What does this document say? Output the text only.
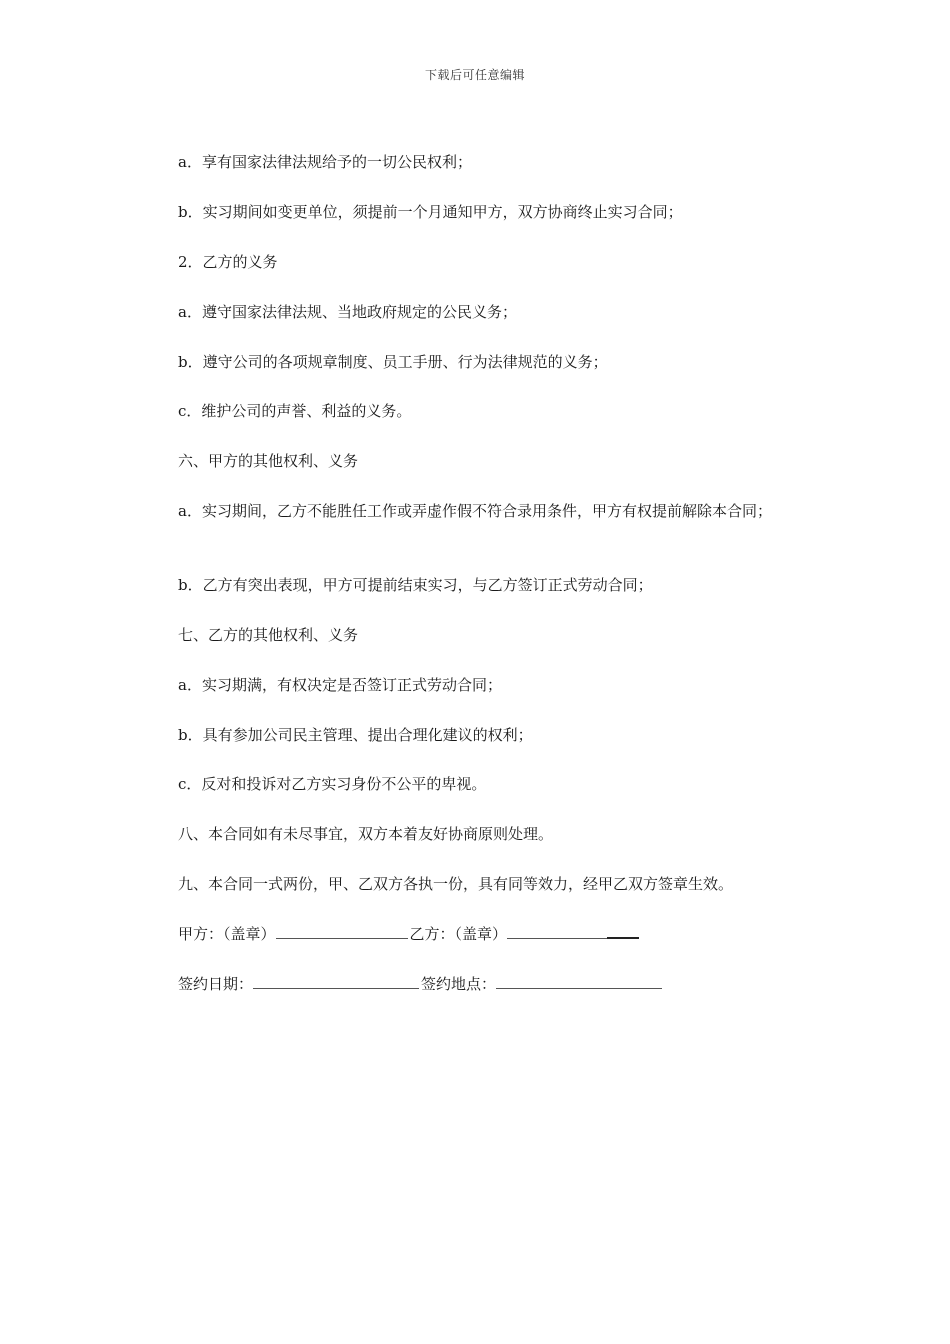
下载后可任意编辑
a．享有国家法律法规给予的一切公民权利；
b．实习期间如变更单位，须提前一个月通知甲方，双方协商终止实习合同；
2．乙方的义务
a．遵守国家法律法规、当地政府规定的公民义务；
b．遵守公司的各项规章制度、员工手册、行为法律规范的义务；
c．维护公司的声誉、利益的义务。
六、甲方的其他权利、义务
a．实习期间，乙方不能胜任工作或弄虚作假不符合录用条件，甲方有权提前解除本合同；
b．乙方有突出表现，甲方可提前结束实习，与乙方签订正式劳动合同；
七、乙方的其他权利、义务
a．实习期满，有权决定是否签订正式劳动合同；
b．具有参加公司民主管理、提出合理化建议的权利；
c．反对和投诉对乙方实习身份不公平的卑视。
八、本合同如有未尽事宜，双方本着友好协商原则处理。
九、本合同一式两份，甲、乙双方各执一份，具有同等效力，经甲乙双方签章生效。
甲方：（盖章）	乙方：（盖章）
签约日期：	签约地点：
